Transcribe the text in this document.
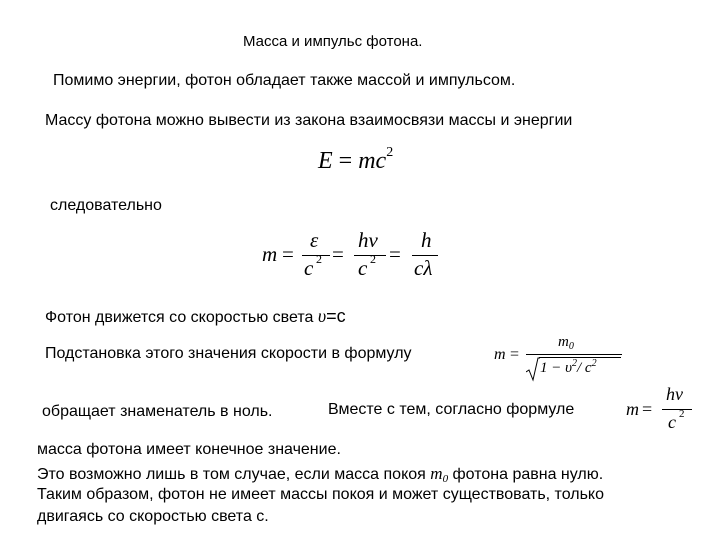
Масса и импульс фотона.
Помимо энергии, фотон обладает также массой и импульсом.
Массу фотона можно вывести из закона взаимосвязи массы и энергии
$E = mc^2$
следовательно
m =
ε
c 2 =
hν
c 2 =
h
cλ
Фотон движется со скоростью света υ=c
Подстановка этого значения скорости в формулу	m =
$m_0$
$1 - \upsilon^2/$ $c^2$
обращает знаменатель в ноль.	Вместе с тем, согласно формуле	m =
hν
c 2
масса фотона имеет конечное значение.
Это возможно лишь в том случае, если масса покоя m0 фотона равна нулю.
Таким образом, фотон не имеет массы покоя и может существовать, только
двигаясь со скоростью света с.
